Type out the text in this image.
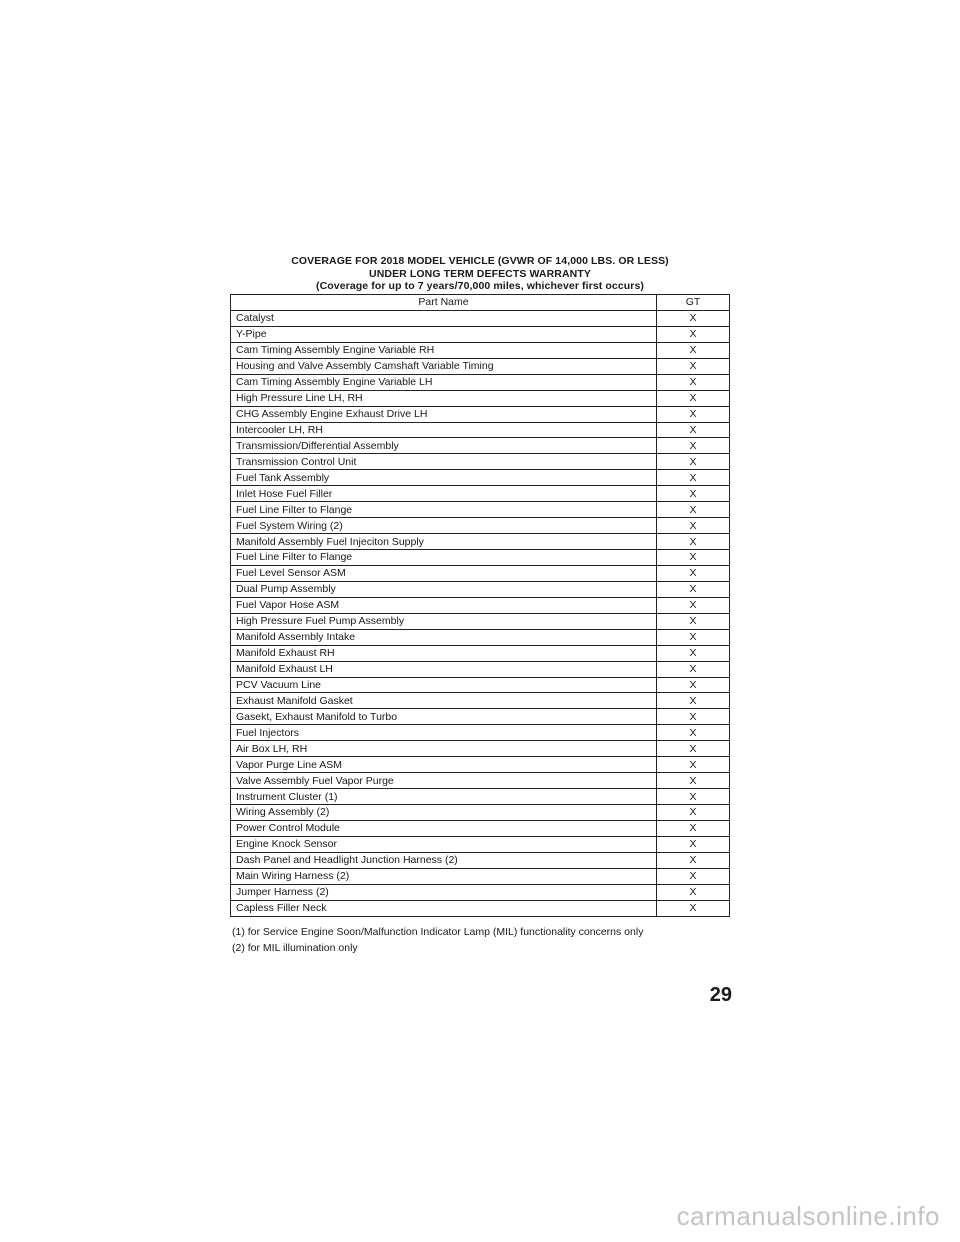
COVERAGE FOR 2018 MODEL VEHICLE (GVWR OF 14,000 LBS. OR LESS)
UNDER LONG TERM DEFECTS WARRANTY
(Coverage for up to 7 years/70,000 miles, whichever first occurs)
Part Name	GT
Catalyst	X
Y-Pipe	X
Cam Timing Assembly Engine Variable RH	X
Housing and Valve Assembly Camshaft Variable Timing	X
Cam Timing Assembly Engine Variable LH	X
High Pressure Line LH, RH	X
CHG Assembly Engine Exhaust Drive LH	X
Intercooler LH, RH	X
Transmission/Differential Assembly	X
Transmission Control Unit	X
Fuel Tank Assembly	X
Inlet Hose Fuel Filler	X
Fuel Line Filter to Flange	X
Fuel System Wiring (2)	X
Manifold Assembly Fuel Injeciton Supply	X
Fuel Line Filter to Flange	X
Fuel Level Sensor ASM	X
Dual Pump Assembly	X
Fuel Vapor Hose ASM	X
High Pressure Fuel Pump Assembly	X
Manifold Assembly Intake	X
Manifold Exhaust RH	X
Manifold Exhaust LH	X
PCV Vacuum Line	X
Exhaust Manifold Gasket	X
Gasekt, Exhaust Manifold to Turbo	X
Fuel Injectors	X
Air Box LH, RH	X
Vapor Purge Line ASM	X
Valve Assembly Fuel Vapor Purge	X
Instrument Cluster (1)	X
Wiring Assembly (2)	X
Power Control Module	X
Engine Knock Sensor	X
Dash Panel and Headlight Junction Harness (2)	X
Main Wiring Harness (2)	X
Jumper Harness (2)	X
Capless Filler Neck	X
(1) for Service Engine Soon/Malfunction Indicator Lamp (MIL) functionality concerns only
(2) for MIL illumination only
29
carmanualsonline.info
